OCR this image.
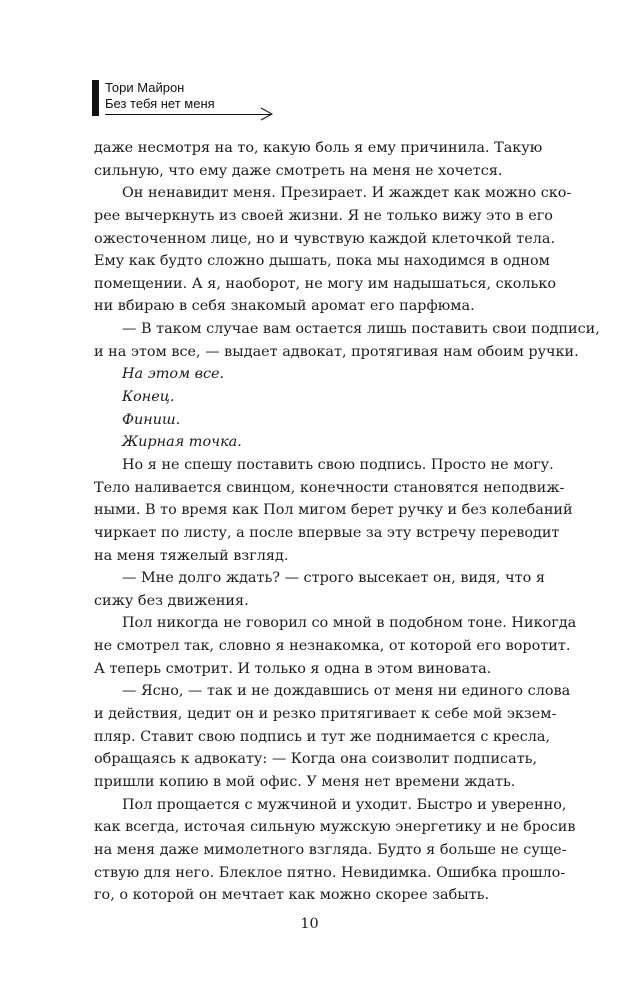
Тори Майрон
Без тебя нет меня
даже несмотря на то, какую боль я ему причинила. Такую
сильную, что ему даже смотреть на меня не хочется.
Он ненавидит меня. Презирает. И жаждет как можно ско-
рее вычеркнуть из своей жизни. Я не только вижу это в его
ожесточенном лице, но и чувствую каждой клеточкой тела.
Ему как будто сложно дышать, пока мы находимся в одном
помещении. А я, наоборот, не могу им надышаться, сколько
ни вбираю в себя знакомый аромат его парфюма.
— В таком случае вам остается лишь поставить свои подписи,
и на этом все, — выдает адвокат, протягивая нам обоим ручки.
На этом все.
Конец.
Финиш.
Жирная точка.
Но я не спешу поставить свою подпись. Просто не могу.
Тело наливается свинцом, конечности становятся неподвиж-
ными. В то время как Пол мигом берет ручку и без колебаний
чиркает по листу, а после впервые за эту встречу переводит
на меня тяжелый взгляд.
— Мне долго ждать? — строго высекает он, видя, что я
сижу без движения.
Пол никогда не говорил со мной в подобном тоне. Никогда
не смотрел так, словно я незнакомка, от которой его воротит.
А теперь смотрит. И только я одна в этом виновата.
— Ясно, — так и не дождавшись от меня ни единого слова
и действия, цедит он и резко притягивает к себе мой экзем-
пляр. Ставит свою подпись и тут же поднимается с кресла,
обращаясь к адвокату: — Когда она соизволит подписать,
пришли копию в мой офис. У меня нет времени ждать.
Пол прощается с мужчиной и уходит. Быстро и уверенно,
как всегда, источая сильную мужскую энергетику и не бросив
на меня даже мимолетного взгляда. Будто я больше не суще-
ствую для него. Блеклое пятно. Невидимка. Ошибка прошло-
го, о которой он мечтает как можно скорее забыть.
10
